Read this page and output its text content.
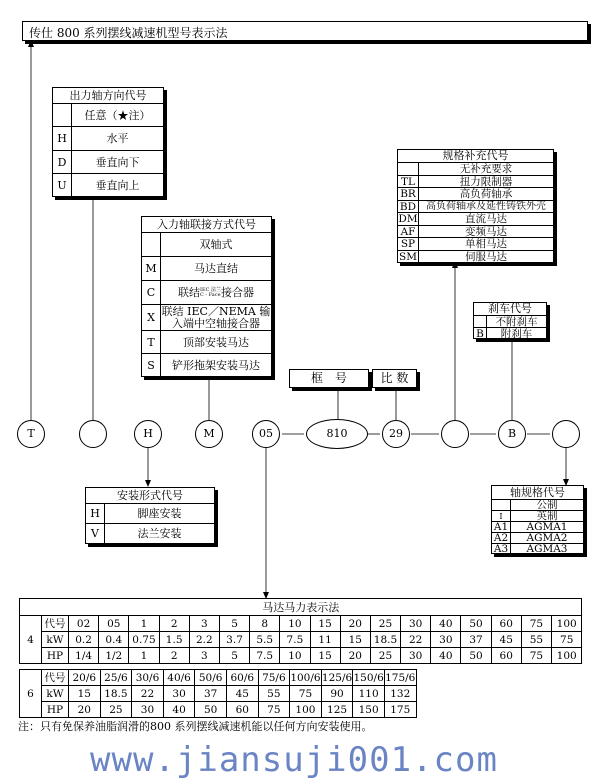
传仕 800 系列摆线减速机型号表示法
出力轴方向代号
任意（★注）
H	水平
D	垂直向下
U	垂直向上
入力轴联接方式代号
双轴式
M	马达直结
C	联结IEC 法兰
C - Face接合器
X 联结 IEC／NEMA 输
入端中空轴接合器
T	顶部安装马达
S	铲形拖架安装马达
规格补充代号
无补充要求
TL	扭力限制器
BR	高负荷轴承
BD 高负荷轴承及延性铸铁外壳
DM	直流马达
AF	变频马达
SP	单相马达
SM	伺服马达
刹车代号
不附刹车
B	附刹车
框　号	比 数
T	H	M	05	810	29	B
安装形式代号
H	脚座安装
V	法兰安装
轴规格代号
公制
I	英制
A1	AGMA1
A2	AGMA2
A3	AGMA3
马达马力表示法																		
4	代号	02	05	1	2	3	5	8	10	15	20	25	30	40	50	60	75	100
	kW	0.2	0.4	0.75	1.5	2.2	3.7	5.5	7.5	11	15	18.5	22	30	37	45	55	75
	HP	1/4	1/2	1	2	3	5	7.5	10	15	20	25	30	40	50	60	75	100
6	代号	20/6	25/6	30/6	40/6	50/6	60/6	75/6	100/6	125/6	150/6	175/6
	kW	15	18.5	22	30	37	45	55	75	90	110	132
	HP	20	25	30	40	50	60	75	100	125	150	175
注：只有免保养油脂润滑的800 系列摆线减速机能以任何方向安装使用。
www.jiansuji001.com
